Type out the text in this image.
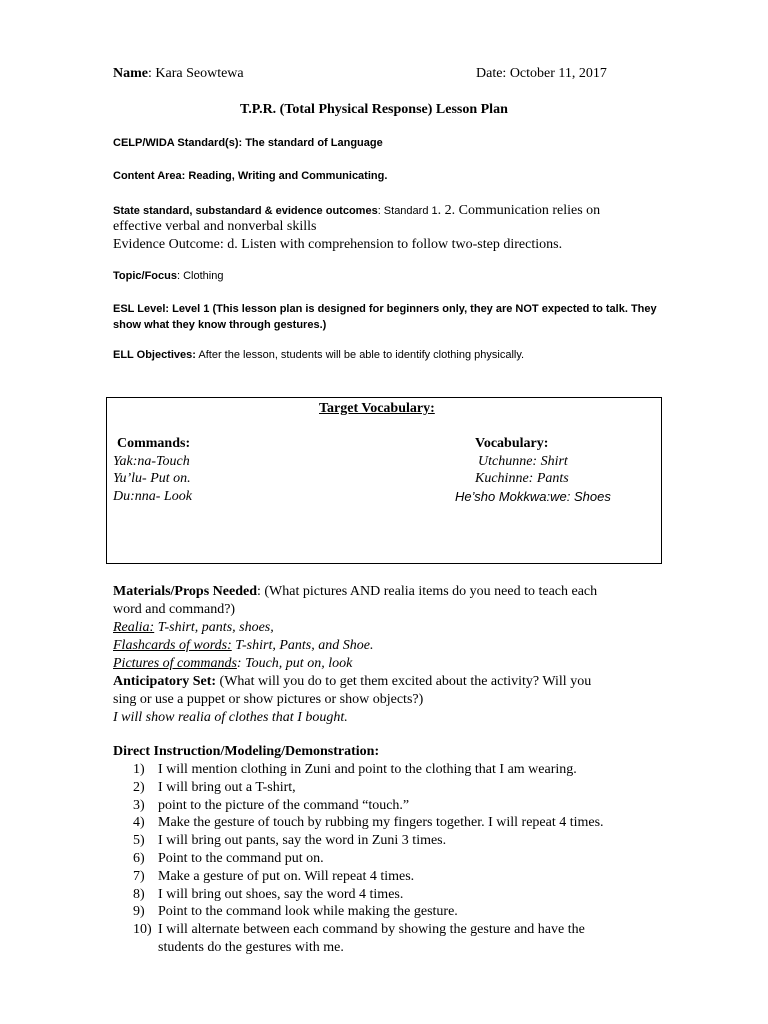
Name: Kara Seowtewa	Date: October 11, 2017
T.P.R. (Total Physical Response) Lesson Plan
CELP/WIDA Standard(s): The standard of Language
Content Area: Reading, Writing and Communicating.
State standard, substandard & evidence outcomes: Standard 1. 2. Communication relies on
effective verbal and nonverbal skills
Evidence Outcome: d. Listen with comprehension to follow two-step directions.
Topic/Focus: Clothing
ESL Level: Level 1 (This lesson plan is designed for beginners only, they are NOT expected to talk. They
show what they know through gestures.)
ELL Objectives: After the lesson, students will be able to identify clothing physically.
Target Vocabulary:
Commands:
Yak:na-Touch
Yu’lu- Put on.
Du:nna- Look
Vocabulary:
Utchunne: Shirt
Kuchinne: Pants
He’sho Mokkwa:we: Shoes
Materials/Props Needed: (What pictures AND realia items do you need to teach each
word and command?)
Realia: T-shirt, pants, shoes,
Flashcards of words: T-shirt, Pants, and Shoe.
Pictures of commands: Touch, put on, look
Anticipatory Set: (What will you do to get them excited about the activity? Will you
sing or use a puppet or show pictures or show objects?)
I will show realia of clothes that I bought.
Direct Instruction/Modeling/Demonstration:
1) I will mention clothing in Zuni and point to the clothing that I am wearing.
2) I will bring out a T-shirt,
3) point to the picture of the command “touch.”
4) Make the gesture of touch by rubbing my fingers together. I will repeat 4 times.
5) I will bring out pants, say the word in Zuni 3 times.
6) Point to the command put on.
7) Make a gesture of put on. Will repeat 4 times.
8) I will bring out shoes, say the word 4 times.
9) Point to the command look while making the gesture.
10) I will alternate between each command by showing the gesture and have the students do the gestures with me.
